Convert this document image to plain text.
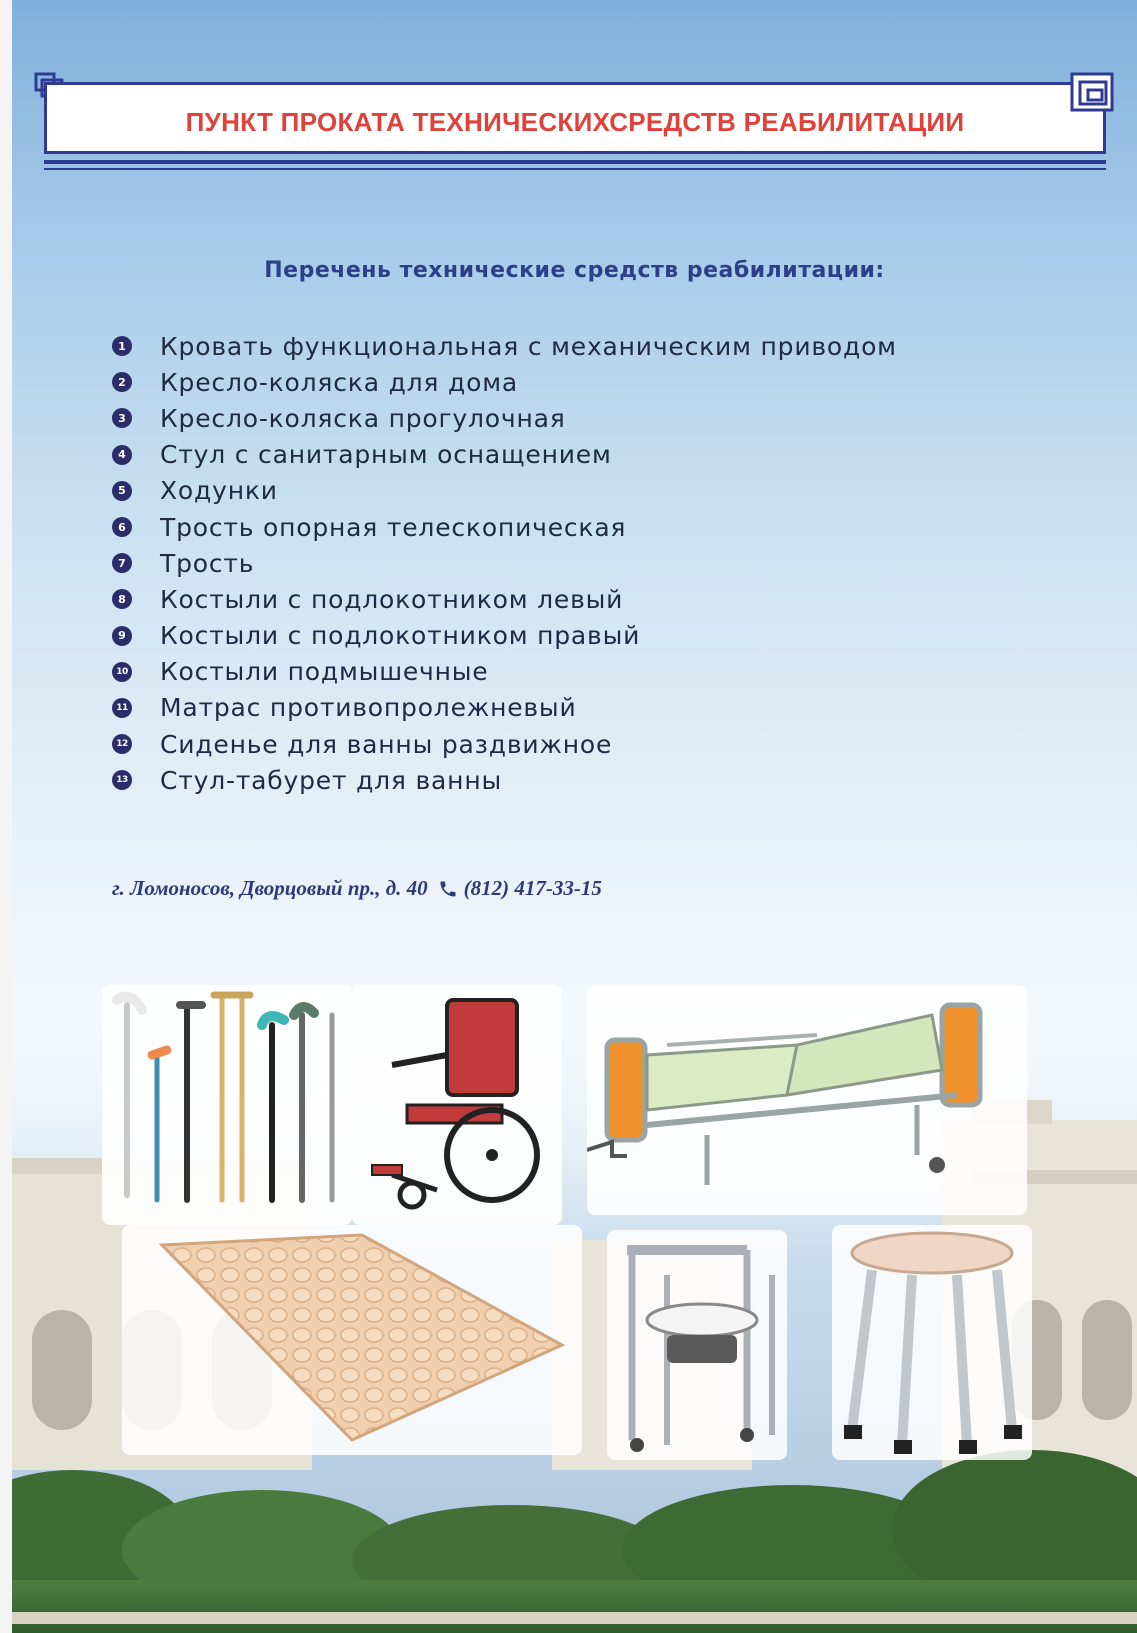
ПУНКТ ПРОКАТА ТЕХНИЧЕСКИХСРЕДСТВ РЕАБИЛИТАЦИИ
Перечень технические средств реабилитации:
1 Кровать функциональная с механическим приводом
2 Кресло-коляска для дома
3 Кресло-коляска прогулочная
4 Стул с санитарным оснащением
5 Ходунки
6 Трость опорная телескопическая
7 Трость
8 Костыли с подлокотником левый
9 Костыли с подлокотником правый
10 Костыли подмышечные
11 Матрас противопролежневый
12 Сиденье для ванны раздвижное
13 Стул-табурет для ванны
г. Ломоносов, Дворцовый пр., д. 40 (812) 417-33-15
